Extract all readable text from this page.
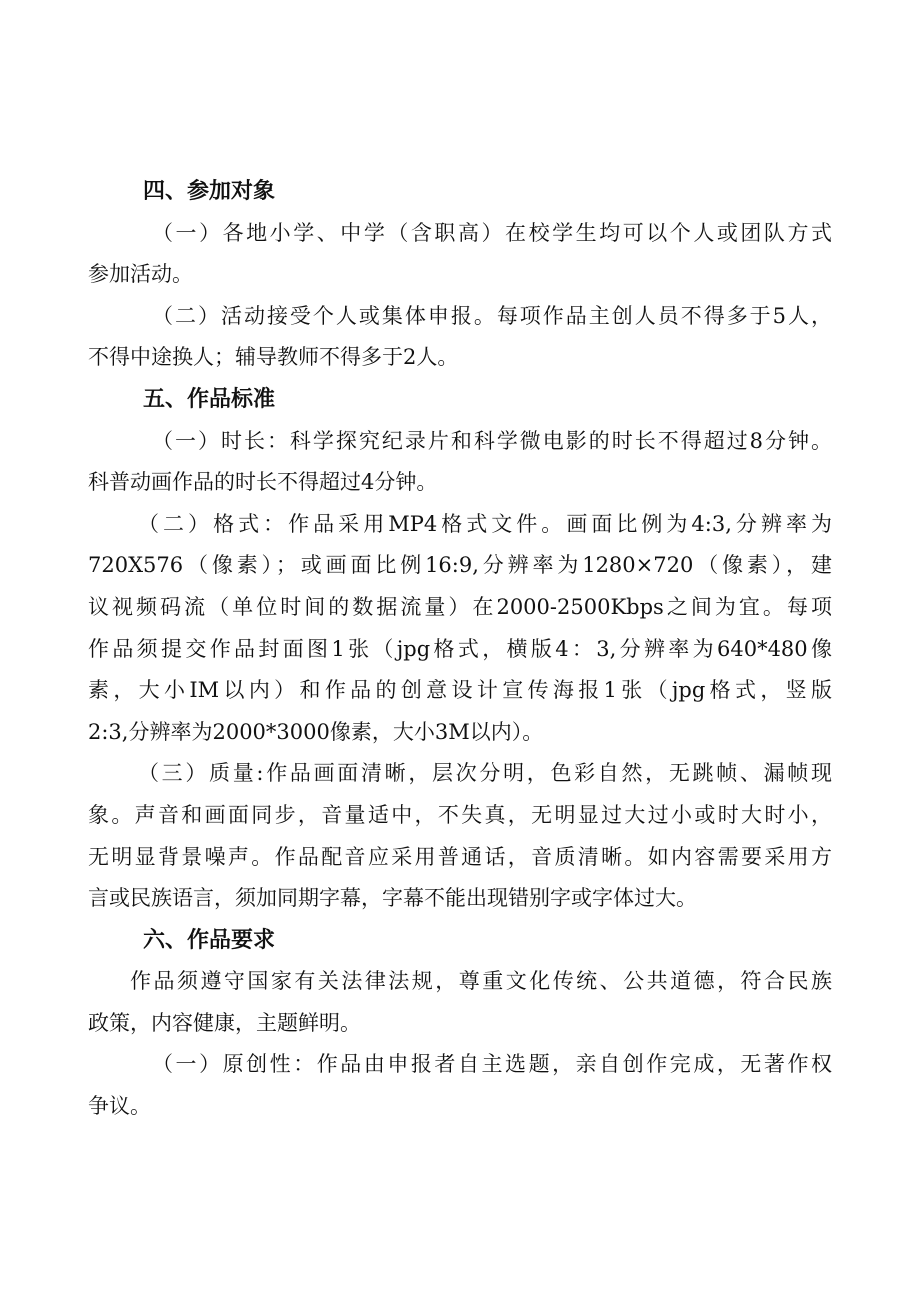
四、参加对象
（一）各地小学、中学（含职高）在校学生均可以个人或团队方式
参加活动。
（二）活动接受个人或集体申报。每项作品主创人员不得多于5人，
不得中途换人；辅导教师不得多于2人。
五、作品标准
（一）时长：科学探究纪录片和科学微电影的时长不得超过8分钟。
科普动画作品的时长不得超过4分钟。
（二）格式：作品采用MP4格式文件。画面比例为4:3,分辨率为
720X576（像素）；或画面比例16:9,分辨率为1280×720（像素），建
议视频码流（单位时间的数据流量）在2000-2500Kbps之间为宜。每项
作品须提交作品封面图1张（jpg格式，横版4：3,分辨率为640*480像
素，大小IM以内）和作品的创意设计宣传海报1张（jpg格式，竖版
2:3,分辨率为2000*3000像素，大小3M以内）。
（三）质量:作品画面清晰，层次分明，色彩自然，无跳帧、漏帧现
象。声音和画面同步，音量适中，不失真，无明显过大过小或时大时小，
无明显背景噪声。作品配音应采用普通话，音质清晰。如内容需要采用方
言或民族语言，须加同期字幕，字幕不能出现错别字或字体过大。
六、作品要求
作品须遵守国家有关法律法规，尊重文化传统、公共道德，符合民族
政策，内容健康，主题鲜明。
（一）原创性：作品由申报者自主选题，亲自创作完成，无著作权
争议。
